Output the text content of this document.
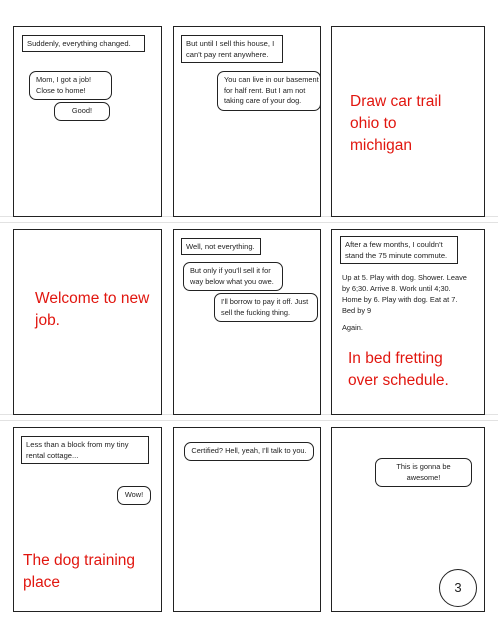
Suddenly, everything changed.
Mom, I got a job!
Close to home!
Good!
But until I sell this house, I
can't pay rent anywhere.
You can live in our basement
for half rent. But I am not
taking care of your dog.	Draw car trail
ohio to
michigan
Welcome to new
job.
Well, not everything.
But only if you'll sell it for
way below what you owe.
I'll borrow to pay it off. Just
sell the fucking thing.
After a few months, I couldn't
stand the 75 minute commute.
Up at 5. Play with dog. Shower. Leave
by 6;30. Arrive 8. Work until 4;30.
Home by 6. Play with dog. Eat at 7.
Bed by 9
Again.
In bed fretting
over schedule.
Less than a block from my tiny
rental cottage...
Wow!
The dog training
place
Certified? Hell, yeah, I'll talk to you.
This is gonna be awesome!
3
